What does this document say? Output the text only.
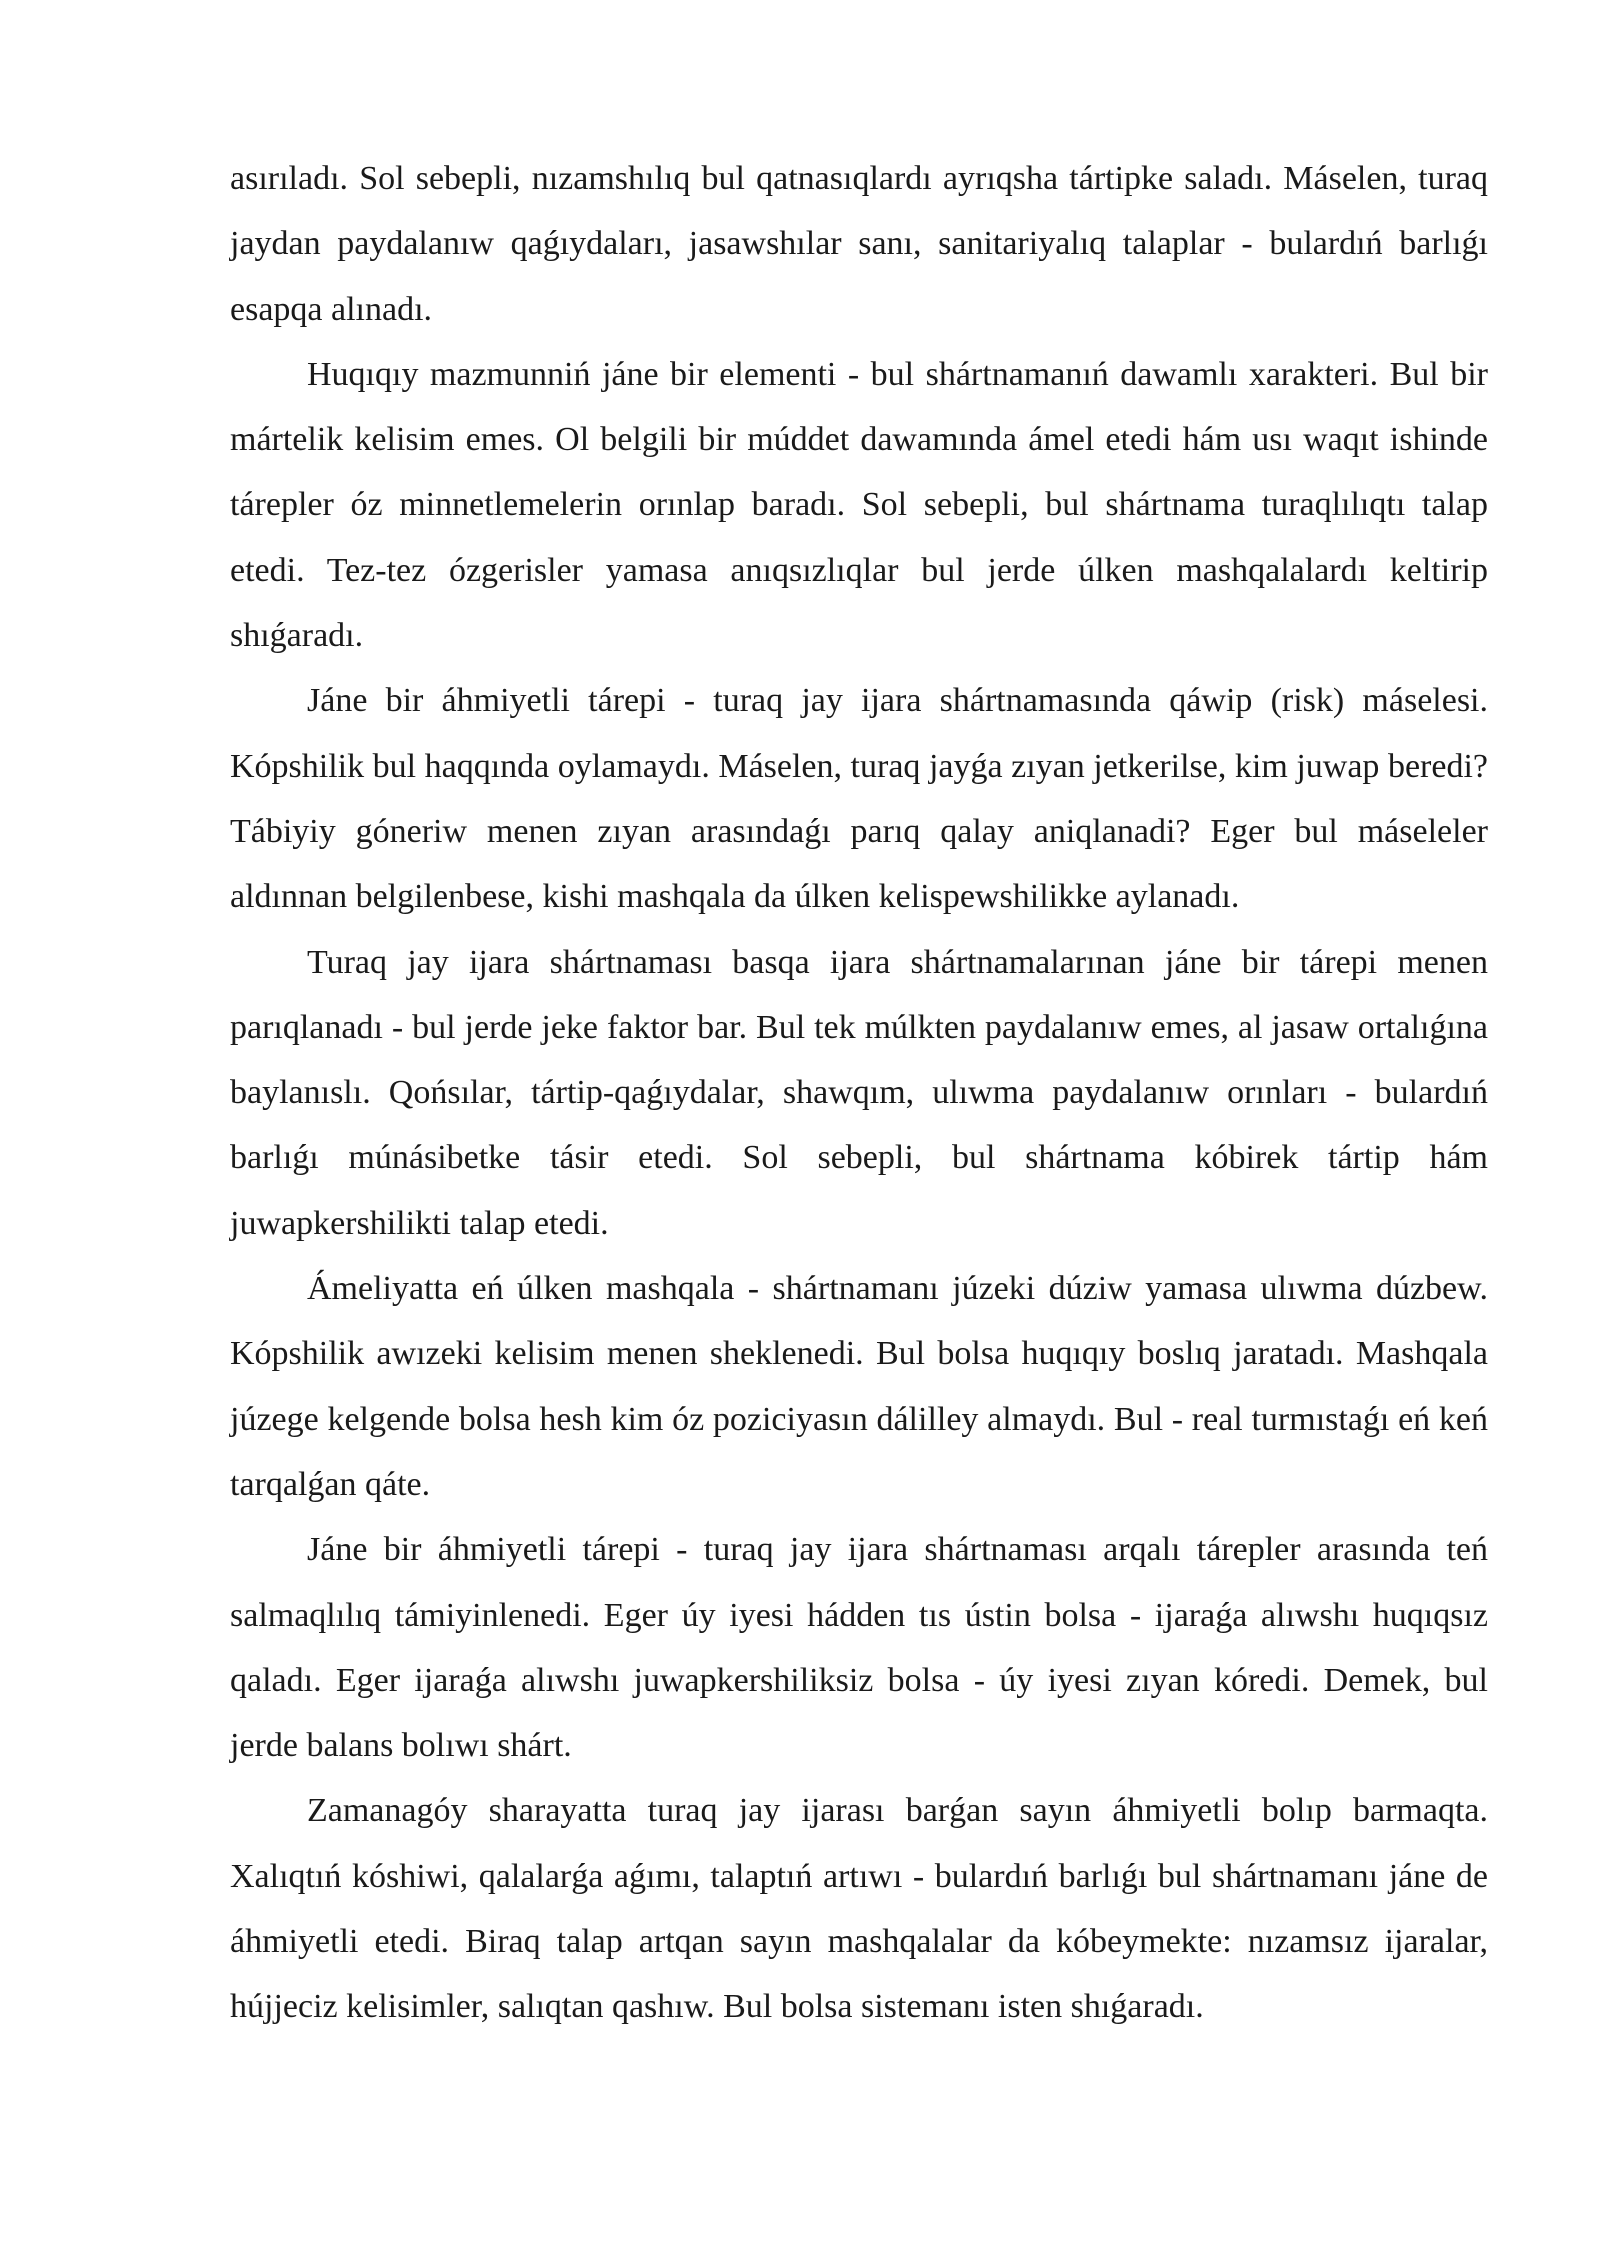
asırıladı. Sol sebepli, nızamshılıq bul qatnasıqlardı ayrıqsha tártipke saladı. Máselen, turaq jaydan paydalanıw qaǵıydaları, jasawshılar sanı, sanitariyalıq talaplar - bulardıń barlıǵı esapqa alınadı.

Huqıqıy mazmunniń jáne bir elementi - bul shártnamanıń dawamlı xarakteri. Bul bir mártelik kelisim emes. Ol belgili bir múddet dawamında ámel etedi hám usı waqıt ishinde tárepler óz minnetlemelerin orınlap baradı. Sol sebepli, bul shártnama turaqlılıqtı talap etedi. Tez-tez ózgerisler yamasa anıqsızlıqlar bul jerde úlken mashqalalardı keltirip shıǵaradı.

Jáne bir áhmiyetli tárepi - turaq jay ijara shártnamasında qáwip (risk) máselesi. Kópshilik bul haqqında oylamaydı. Máselen, turaq jayǵa zıyan jetkerilse, kim juwap beredi? Tábiyiy góneriw menen zıyan arasındaǵı parıq qalay aniqlanadi? Eger bul máseleler aldınnan belgilenbese, kishi mashqala da úlken kelispewshilikke aylanadı.

Turaq jay ijara shártnaması basqa ijara shártnamalarınan jáne bir tárepi menen parıqlanadı - bul jerde jeke faktor bar. Bul tek múlkten paydalanıw emes, al jasaw ortalıǵına baylanıslı. Qońsılar, tártip-qaǵıydalar, shawqım, ulıwma paydalanıw orınları - bulardıń barlıǵı múnásibetke tásir etedi. Sol sebepli, bul shártnama kóbirek tártip hám juwapkershilikti talap etedi.

Ámeliyatta eń úlken mashqala - shártnamanı júzeki dúziw yamasa ulıwma dúzbew. Kópshilik awızeki kelisim menen sheklenedi. Bul bolsa huqıqıy boslıq jaratadı. Mashqala júzege kelgende bolsa hesh kim óz poziciyasın dálilley almaydı. Bul - real turmıstaǵı eń keń tarqalǵan qáte.

Jáne bir áhmiyetli tárepi - turaq jay ijara shártnaması arqalı tárepler arasında teń salmaqlılıq támiyinlenedi. Eger úy iyesi hádden tıs ústin bolsa - ijaraǵa alıwshı huqıqsız qaladı. Eger ijaraǵa alıwshı juwapkershiliksiz bolsa - úy iyesi zıyan kóredi. Demek, bul jerde balans bolıwı shárt.

Zamanagóy sharayatta turaq jay ijarası barǵan sayın áhmiyetli bolıp barmaqta. Xalıqtıń kóshiwi, qalalarǵa aǵımı, talaptıń artıwı - bulardıń barlıǵı bul shártnamanı jáne de áhmiyetli etedi. Biraq talap artqan sayın mashqalalar da kóbeymekte: nızamsız ijaralar, hújjeciz kelisimler, salıqtan qashıw. Bul bolsa sistemanı isten shıǵaradı.
